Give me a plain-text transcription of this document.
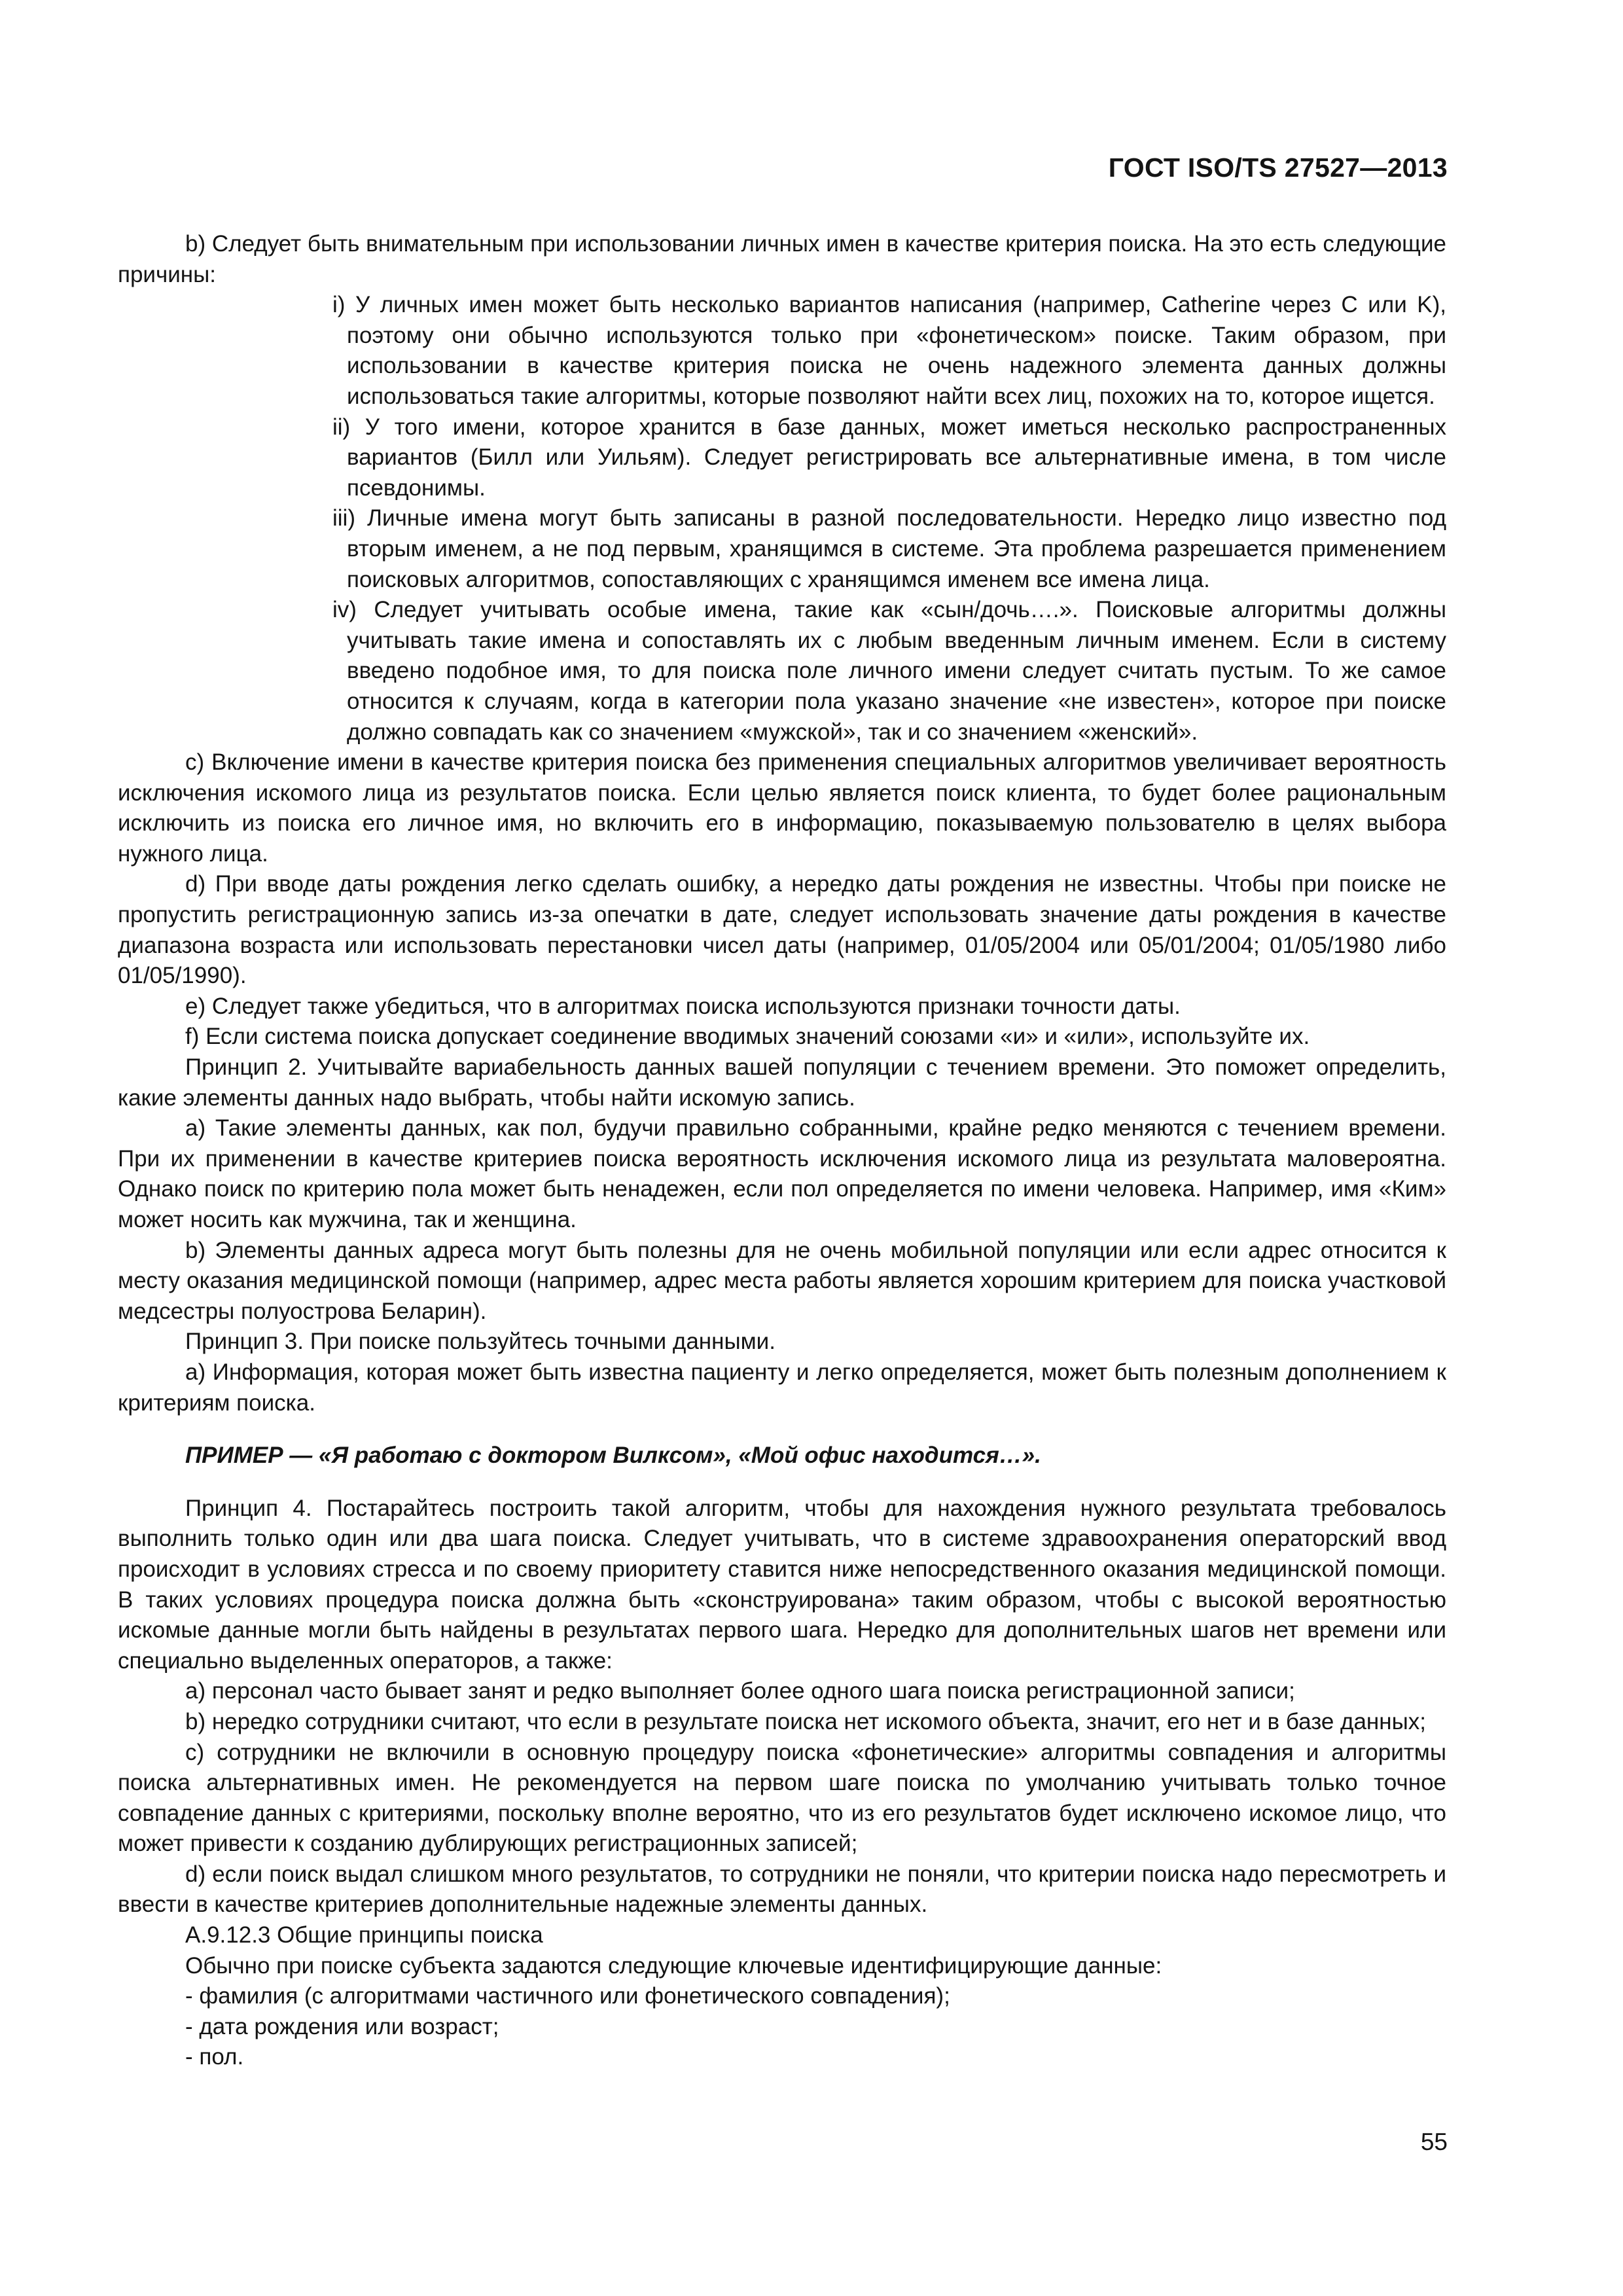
ГОСТ ISO/TS 27527—2013

b) Следует быть внимательным при использовании личных имен в качестве критерия поиска. На это есть следующие причины:

i) У личных имен может быть несколько вариантов написания (например, Catherine через C или K), поэтому они обычно используются только при «фонетическом» поиске. Таким образом, при использовании в качестве критерия поиска не очень надежного элемента данных должны использоваться такие алгоритмы, которые позволяют найти всех лиц, похожих на то, которое ищется.

ii) У того имени, которое хранится в базе данных, может иметься несколько распространенных вариантов (Билл или Уильям). Следует регистрировать все альтернативные имена, в том числе псевдонимы.

iii) Личные имена могут быть записаны в разной последовательности. Нередко лицо известно под вторым именем, а не под первым, хранящимся в системе. Эта проблема разрешается применением поисковых алгоритмов, сопоставляющих с хранящимся именем все имена лица.

iv) Следует учитывать особые имена, такие как «сын/дочь….». Поисковые алгоритмы должны учитывать такие имена и сопоставлять их с любым введенным личным именем. Если в систему введено подобное имя, то для поиска поле личного имени следует считать пустым. То же самое относится к случаям, когда в категории пола указано значение «не известен», которое при поиске должно совпадать как со значением «мужской», так и со значением «женский».

c) Включение имени в качестве критерия поиска без применения специальных алгоритмов увеличивает вероятность исключения искомого лица из результатов поиска. Если целью является поиск клиента, то будет более рациональным исключить из поиска его личное имя, но включить его в информацию, показываемую пользователю в целях выбора нужного лица.

d) При вводе даты рождения легко сделать ошибку, а нередко даты рождения не известны. Чтобы при поиске не пропустить регистрационную запись из-за опечатки в дате, следует использовать значение даты рождения в качестве диапазона возраста или использовать перестановки чисел даты (например, 01/05/2004 или 05/01/2004; 01/05/1980 либо 01/05/1990).

e) Следует также убедиться, что в алгоритмах поиска используются признаки точности даты.

f) Если система поиска допускает соединение вводимых значений союзами «и» и «или», используйте их.

Принцип 2. Учитывайте вариабельность данных вашей популяции с течением времени. Это поможет определить, какие элементы данных надо выбрать, чтобы найти искомую запись.

a) Такие элементы данных, как пол, будучи правильно собранными, крайне редко меняются с течением времени. При их применении в качестве критериев поиска вероятность исключения искомого лица из результата маловероятна. Однако поиск по критерию пола может быть ненадежен, если пол определяется по имени человека. Например, имя «Ким» может носить как мужчина, так и женщина.

b) Элементы данных адреса могут быть полезны для не очень мобильной популяции или если адрес относится к месту оказания медицинской помощи (например, адрес места работы является хорошим критерием для поиска участковой медсестры полуострова Беларин).

Принцип 3. При поиске пользуйтесь точными данными.

a) Информация, которая может быть известна пациенту и легко определяется, может быть полезным дополнением к критериям поиска.

ПРИМЕР — «Я работаю с доктором Вилксом», «Мой офис находится…».

Принцип 4. Постарайтесь построить такой алгоритм, чтобы для нахождения нужного результата требовалось выполнить только один или два шага поиска. Следует учитывать, что в системе здравоохранения операторский ввод происходит в условиях стресса и по своему приоритету ставится ниже непосредственного оказания медицинской помощи. В таких условиях процедура поиска должна быть «сконструирована» таким образом, чтобы с высокой вероятностью искомые данные могли быть найдены в результатах первого шага. Нередко для дополнительных шагов нет времени или специально выделенных операторов, а также:

a) персонал часто бывает занят и редко выполняет более одного шага поиска регистрационной записи;

b) нередко сотрудники считают, что если в результате поиска нет искомого объекта, значит, его нет и в базе данных;

c) сотрудники не включили в основную процедуру поиска «фонетические» алгоритмы совпадения и алгоритмы поиска альтернативных имен. Не рекомендуется на первом шаге поиска по умолчанию учитывать только точное совпадение данных с критериями, поскольку вполне вероятно, что из его результатов будет исключено искомое лицо, что может привести к созданию дублирующих регистрационных записей;

d) если поиск выдал слишком много результатов, то сотрудники не поняли, что критерии поиска надо пересмотреть и ввести в качестве критериев дополнительные надежные элементы данных.

А.9.12.3 Общие принципы поиска

Обычно при поиске субъекта задаются следующие ключевые идентифицирующие данные:

- фамилия (с алгоритмами частичного или фонетического совпадения);

- дата рождения или возраст;

- пол.

55
